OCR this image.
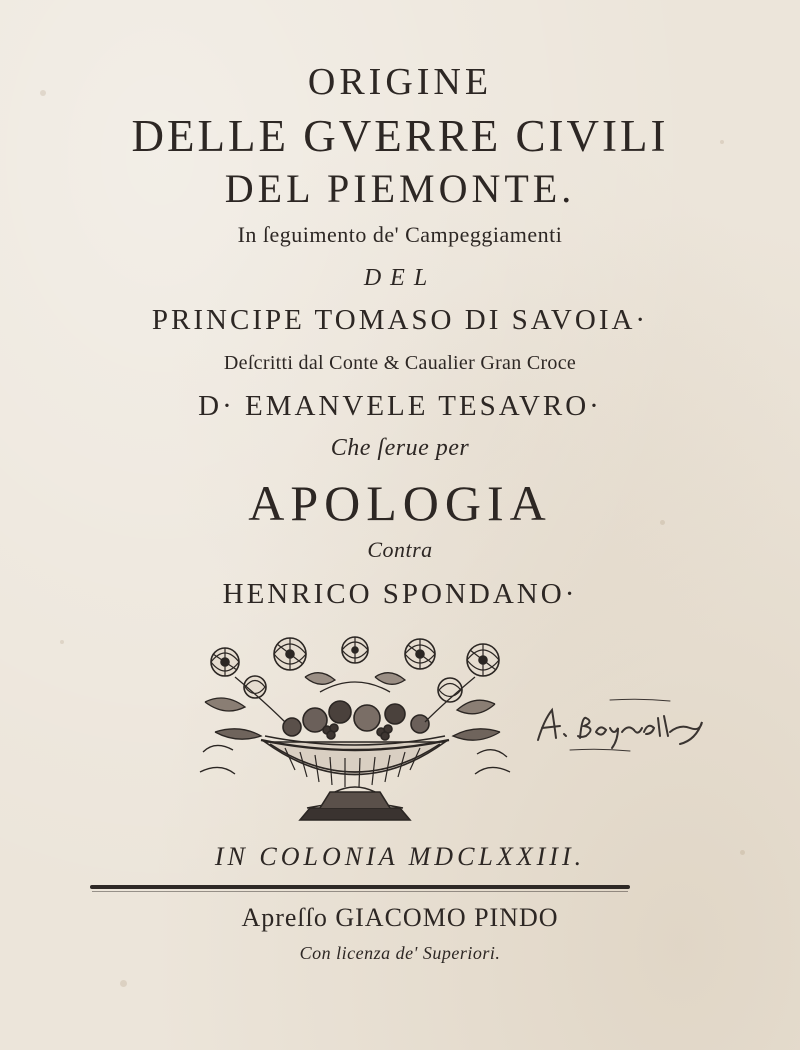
ORIGINE
DELLE GVERRE CIVILI
DEL PIEMONTE.
In ſeguimento de' Campeggiamenti
DEL
PRINCIPE TOMASO DI SAVOIA·
Deſcritti dal Conte & Caualier Gran Croce
D· EMANVELE TESAVRO·
Che ſerue per
APOLOGIA
Contra
HENRICO SPONDANO·
IN COLONIA MDCLXXIII.
Apreſſo GIACOMO PINDO
Con licenza de' Superiori.
